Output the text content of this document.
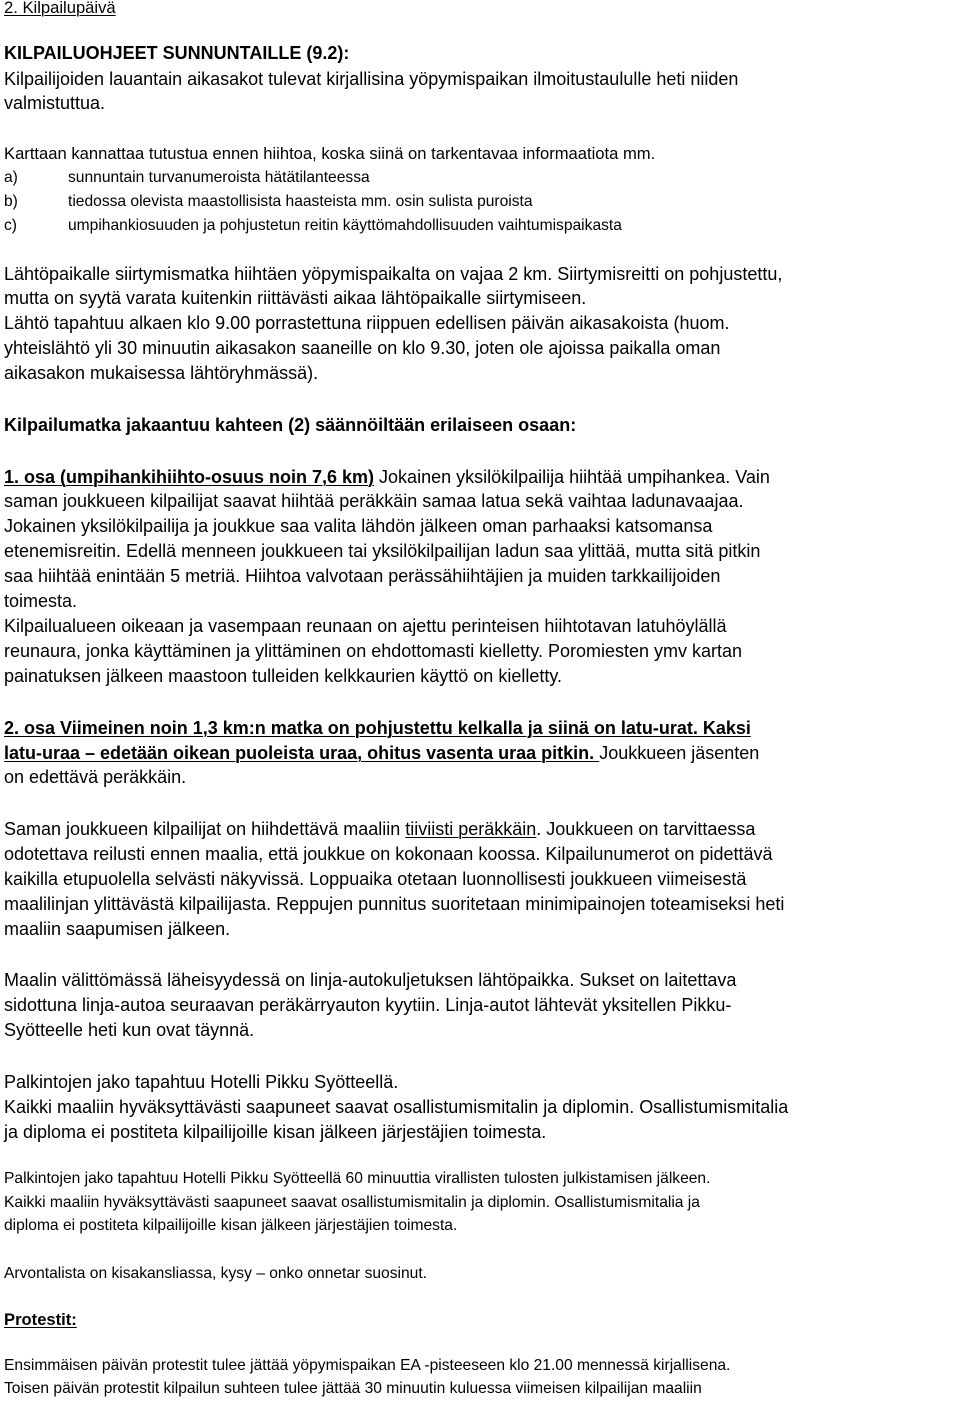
2. Kilpailupäivä

KILPAILUOHJEET SUNNUNTAILLE (9.2):

Kilpailijoiden lauantain aikasakot tulevat kirjallisina yöpymispaikan ilmoitustaululle heti niiden

valmistuttua.

Karttaan kannattaa tutustua ennen hiihtoa, koska siinä on tarkentavaa informaatiota mm.

a)	sunnuntain turvanumeroista hätätilanteessa

b)	tiedossa olevista maastollisista haasteista mm. osin sulista puroista

c)	umpihankiosuuden ja pohjustetun reitin käyttömahdollisuuden vaihtumispaikasta

Lähtöpaikalle siirtymismatka hiihtäen yöpymispaikalta on vajaa 2 km. Siirtymisreitti on pohjustettu,

mutta on syytä varata kuitenkin riittävästi aikaa lähtöpaikalle siirtymiseen.

Lähtö tapahtuu alkaen klo 9.00 porrastettuna riippuen edellisen päivän aikasakoista (huom.

yhteislähtö yli 30 minuutin aikasakon saaneille on klo 9.30, joten ole ajoissa paikalla oman

aikasakon mukaisessa lähtöryhmässä).

Kilpailumatka jakaantuu kahteen (2) säännöiltään erilaiseen osaan:

1. osa (umpihankihiihto-osuus noin 7,6 km) Jokainen yksilökilpailija hiihtää umpihankea. Vain

saman joukkueen kilpailijat saavat hiihtää peräkkäin samaa latua sekä vaihtaa ladunavaajaa.

Jokainen yksilökilpailija ja joukkue saa valita lähdön jälkeen oman parhaaksi katsomansa

etenemisreitin. Edellä menneen joukkueen tai yksilökilpailijan ladun saa ylittää, mutta sitä pitkin

saa hiihtää enintään 5 metriä. Hiihtoa valvotaan perässähiihtäjien ja muiden tarkkailijoiden

toimesta.

Kilpailualueen oikeaan ja vasempaan reunaan on ajettu perinteisen hiihtotavan latuhöylällä

reunaura, jonka käyttäminen ja ylittäminen on ehdottomasti kielletty. Poromiesten ymv kartan

painatuksen jälkeen maastoon tulleiden kelkkaurien käyttö on kielletty.

2. osa Viimeinen noin 1,3 km:n matka on pohjustettu kelkalla ja siinä on latu-urat. Kaksi

latu-uraa – edetään oikean puoleista uraa, ohitus vasenta uraa pitkin. Joukkueen jäsenten

on edettävä peräkkäin.

Saman joukkueen kilpailijat on hiihdettävä maaliin tiiviisti peräkkäin. Joukkueen on tarvittaessa

odotettava reilusti ennen maalia, että joukkue on kokonaan koossa. Kilpailunumerot on pidettävä

kaikilla etupuolella selvästi näkyvissä. Loppuaika otetaan luonnollisesti joukkueen viimeisestä

maalilinjan ylittävästä kilpailijasta. Reppujen punnitus suoritetaan minimipainojen toteamiseksi heti

maaliin saapumisen jälkeen.

Maalin välittömässä läheisyydessä on linja-autokuljetuksen lähtöpaikka. Sukset on laitettava

sidottuna linja-autoa seuraavan peräkärryauton kyytiin. Linja-autot lähtevät yksitellen Pikku-

Syötteelle heti kun ovat täynnä.

Palkintojen jako tapahtuu Hotelli Pikku Syötteellä.

Kaikki maaliin hyväksyttävästi saapuneet saavat osallistumismitalin ja diplomin. Osallistumismitalia

ja diploma ei postiteta kilpailijoille kisan jälkeen järjestäjien toimesta.

Palkintojen jako tapahtuu Hotelli Pikku Syötteellä 60 minuuttia virallisten tulosten julkistamisen jälkeen.

Kaikki maaliin hyväksyttävästi saapuneet saavat osallistumismitalin ja diplomin. Osallistumismitalia ja

diploma ei postiteta kilpailijoille kisan jälkeen järjestäjien toimesta.

Arvontalista on kisakansliassa, kysy – onko onnetar suosinut.

Protestit:

Ensimmäisen päivän protestit tulee jättää yöpymispaikan EA -pisteeseen klo 21.00 mennessä kirjallisena.

Toisen päivän protestit kilpailun suhteen tulee jättää 30 minuutin kuluessa viimeisen kilpailijan maaliin
